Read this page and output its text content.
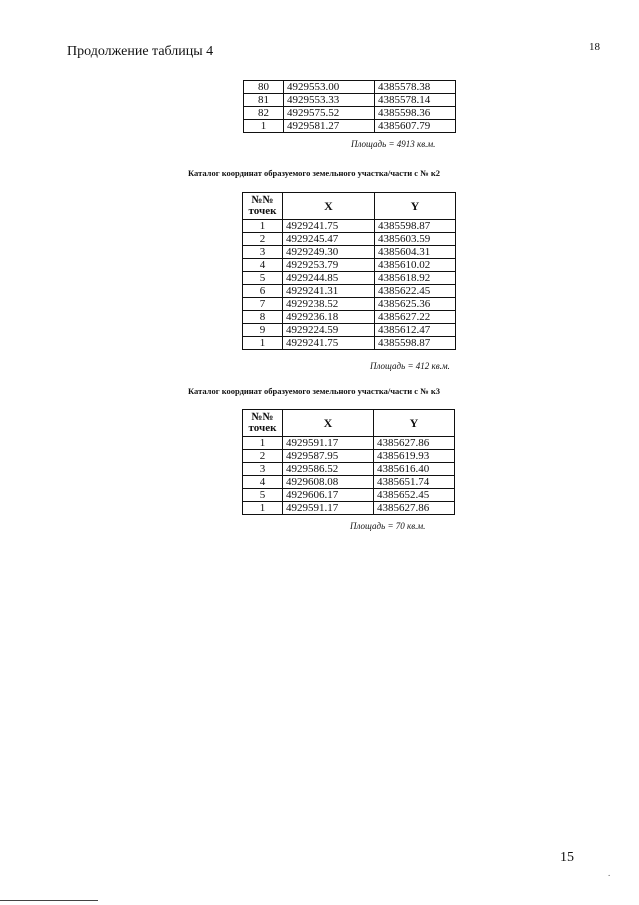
Продолжение таблицы 4	18
80	4929553.00	4385578.38
81	4929553.33	4385578.14
82	4929575.52	4385598.36
1	4929581.27	4385607.79
Площадь = 4913 кв.м.
Каталог координат образуемого земельного участка/части с № к2
№№
точек	X	Y
1	4929241.75	4385598.87
2	4929245.47	4385603.59
3	4929249.30	4385604.31
4	4929253.79	4385610.02
5	4929244.85	4385618.92
6	4929241.31	4385622.45
7	4929238.52	4385625.36
8	4929236.18	4385627.22
9	4929224.59	4385612.47
1	4929241.75	4385598.87
Площадь = 412 кв.м.
Каталог координат образуемого земельного участка/части с № к3
№№
точек	X	Y
1	4929591.17	4385627.86
2	4929587.95	4385619.93
3	4929586.52	4385616.40
4	4929608.08	4385651.74
5	4929606.17	4385652.45
1	4929591.17	4385627.86
Площадь = 70 кв.м.
15
.
